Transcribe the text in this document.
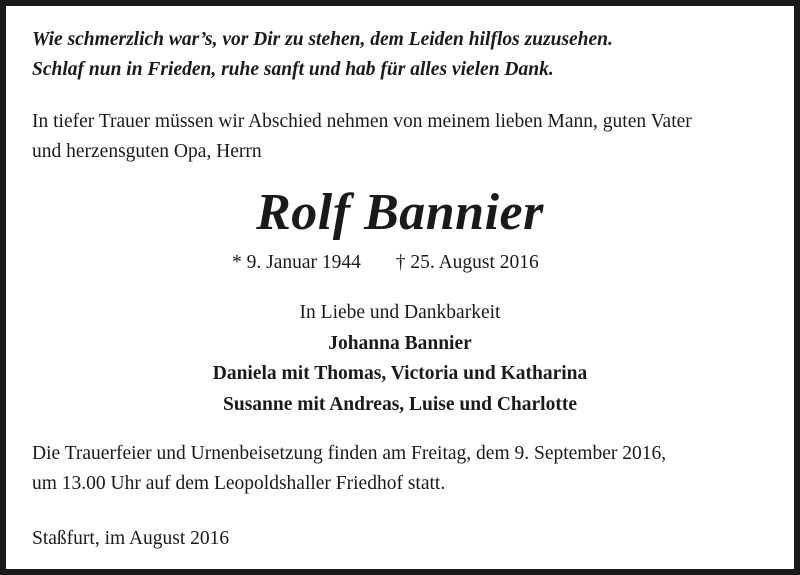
Wie schmerzlich war’s, vor Dir zu stehen, dem Leiden hilflos zuzusehen.
Schlaf nun in Frieden, ruhe sanft und hab für alles vielen Dank.
In tiefer Trauer müssen wir Abschied nehmen von meinem lieben Mann, guten Vater
und herzensguten Opa, Herrn
Rolf Bannier
* 9. Januar 1944 † 25. August 2016
In Liebe und Dankbarkeit
Johanna Bannier
Daniela mit Thomas, Victoria und Katharina
Susanne mit Andreas, Luise und Charlotte
Die Trauerfeier und Urnenbeisetzung finden am Freitag, dem 9. September 2016,
um 13.00 Uhr auf dem Leopoldshaller Friedhof statt.
Staßfurt, im August 2016
